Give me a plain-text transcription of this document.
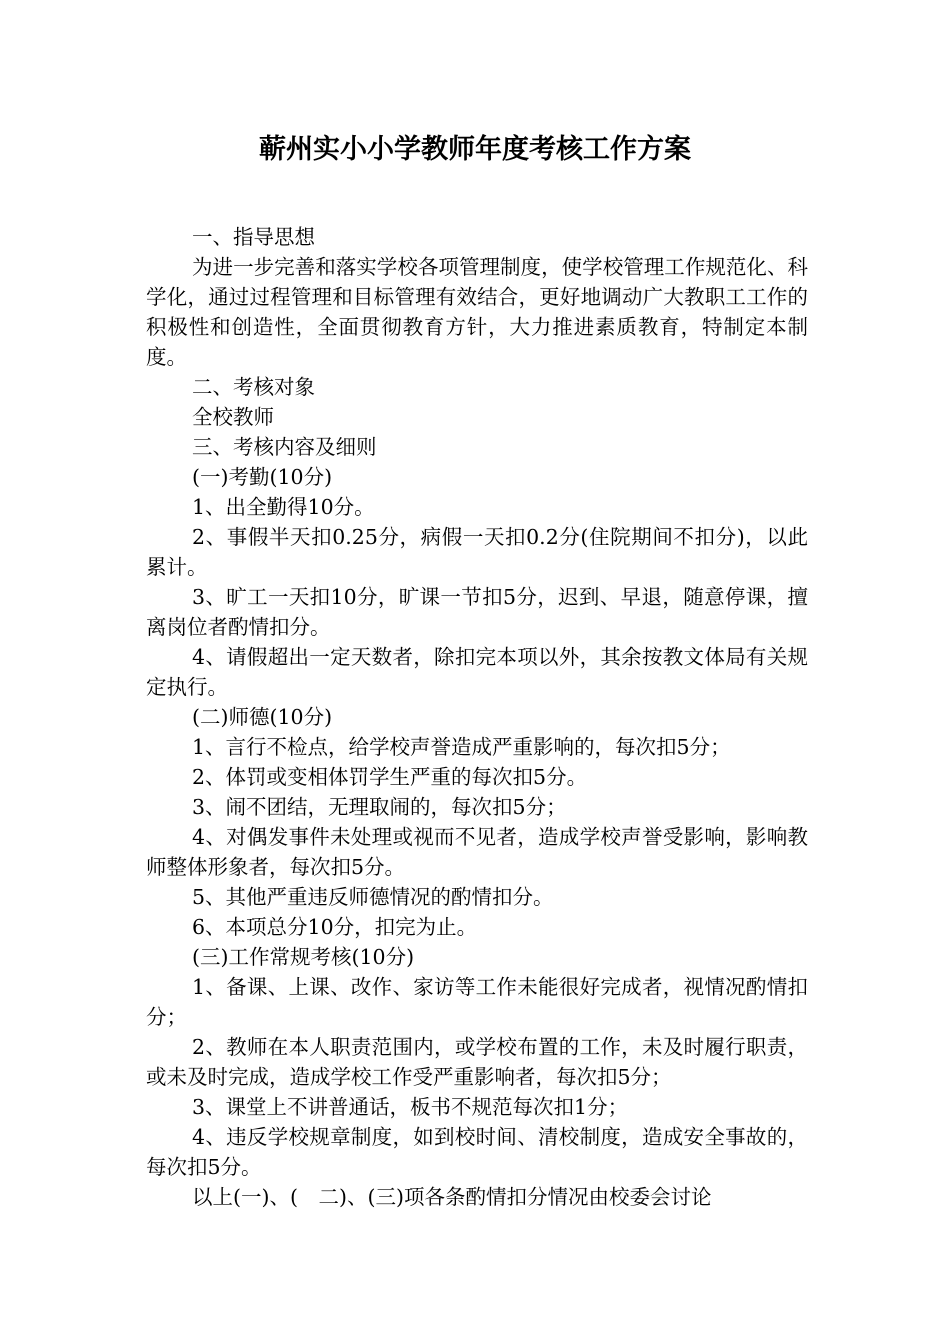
蕲州实小小学教师年度考核工作方案

一、指导思想

为进一步完善和落实学校各项管理制度，使学校管理工作规范化、科学化，通过过程管理和目标管理有效结合，更好地调动广大教职工工作的积极性和创造性，全面贯彻教育方针，大力推进素质教育，特制定本制度。

二、考核对象

全校教师

三、考核内容及细则

(一)考勤(10分)

1、出全勤得10分。

2、事假半天扣0.25分，病假一天扣0.2分(住院期间不扣分)，以此累计。

3、旷工一天扣10分，旷课一节扣5分，迟到、早退，随意停课，擅离岗位者酌情扣分。

4、请假超出一定天数者，除扣完本项以外，其余按教文体局有关规定执行。

(二)师德(10分)

1、言行不检点，给学校声誉造成严重影响的，每次扣5分；

2、体罚或变相体罚学生严重的每次扣5分。

3、闹不团结，无理取闹的，每次扣5分；

4、对偶发事件未处理或视而不见者，造成学校声誉受影响，影响教师整体形象者，每次扣5分。

5、其他严重违反师德情况的酌情扣分。

6、本项总分10分，扣完为止。

(三)工作常规考核(10分)

1、备课、上课、改作、家访等工作未能很好完成者，视情况酌情扣分；

2、教师在本人职责范围内，或学校布置的工作，未及时履行职责，或未及时完成，造成学校工作受严重影响者，每次扣5分；

3、课堂上不讲普通话，板书不规范每次扣1分；

4、违反学校规章制度，如到校时间、清校制度，造成安全事故的，每次扣5分。

以上(一)、(　二)、(三)项各条酌情扣分情况由校委会讨论
